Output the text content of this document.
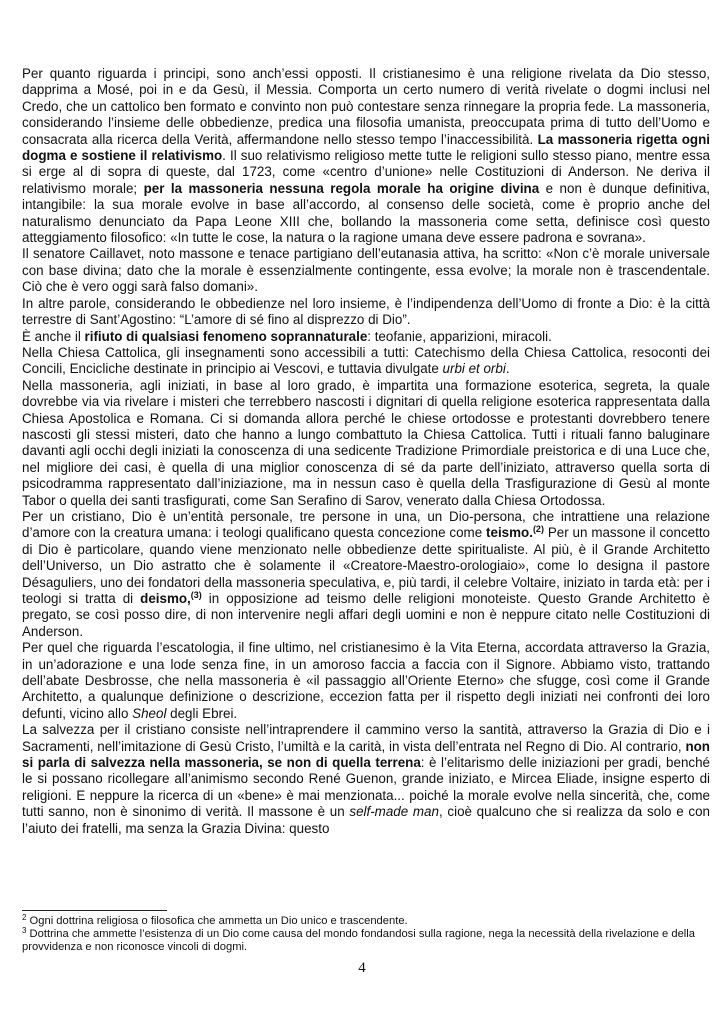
Per quanto riguarda i principi, sono anch’essi opposti. Il cristianesimo è una religione rivelata da Dio stesso, dapprima a Mosé, poi in e da Gesù, il Messia. Comporta un certo numero di verità rivelate o dogmi inclusi nel Credo, che un cattolico ben formato e convinto non può contestare senza rinnegare la propria fede. La massoneria, considerando l’insieme delle obbedienze, predica una filosofia umanista, preoccupata prima di tutto dell’Uomo e consacrata alla ricerca della Verità, affermandone nello stesso tempo l’inaccessibilità. La massoneria rigetta ogni dogma e sostiene il relativismo. Il suo relativismo religioso mette tutte le religioni sullo stesso piano, mentre essa si erge al di sopra di queste, dal 1723, come «centro d’unione» nelle Costituzioni di Anderson. Ne deriva il relativismo morale; per la massoneria nessuna regola morale ha origine divina e non è dunque definitiva, intangibile: la sua morale evolve in base all’accordo, al consenso delle società, come è proprio anche del naturalismo denunciato da Papa Leone XIII che, bollando la massoneria come setta, definisce così questo atteggiamento filosofico: «In tutte le cose, la natura o la ragione umana deve essere padrona e sovrana».

Il senatore Caillavet, noto massone e tenace partigiano dell’eutanasia attiva, ha scritto: «Non c’è morale universale con base divina; dato che la morale è essenzialmente contingente, essa evolve; la morale non è trascendentale. Ciò che è vero oggi sarà falso domani».

In altre parole, considerando le obbedienze nel loro insieme, è l’indipendenza dell’Uomo di fronte a Dio: è la città terrestre di Sant’Agostino: “L’amore di sé fino al disprezzo di Dio”.

È anche il rifiuto di qualsiasi fenomeno soprannaturale: teofanie, apparizioni, miracoli.

Nella Chiesa Cattolica, gli insegnamenti sono accessibili a tutti: Catechismo della Chiesa Cattolica, resoconti dei Concili, Encicliche destinate in principio ai Vescovi, e tuttavia divulgate urbi et orbi.

Nella massoneria, agli iniziati, in base al loro grado, è impartita una formazione esoterica, segreta, la quale dovrebbe via via rivelare i misteri che terrebbero nascosti i dignitari di quella religione esoterica rappresentata dalla Chiesa Apostolica e Romana. Ci si domanda allora perché le chiese ortodosse e protestanti dovrebbero tenere nascosti gli stessi misteri, dato che hanno a lungo combattuto la Chiesa Cattolica. Tutti i rituali fanno baluginare davanti agli occhi degli iniziati la conoscenza di una sedicente Tradizione Primordiale preistorica e di una Luce che, nel migliore dei casi, è quella di una miglior conoscenza di sé da parte dell’iniziato, attraverso quella sorta di psicodramma rappresentato dall’iniziazione, ma in nessun caso è quella della Trasfigurazione di Gesù al monte Tabor o quella dei santi trasfigurati, come San Serafino di Sarov, venerato dalla Chiesa Ortodossa.

Per un cristiano, Dio è un’entità personale, tre persone in una, un Dio-persona, che intrattiene una relazione d’amore con la creatura umana: i teologi qualificano questa concezione come teismo.$^{(2)}$ Per un massone il concetto di Dio è particolare, quando viene menzionato nelle obbedienze dette spiritualiste. Al più, è il Grande Architetto dell’Universo, un Dio astratto che è solamente il «Creatore-Maestro-orologiaio», come lo designa il pastore Désaguliers, uno dei fondatori della massoneria speculativa, e, più tardi, il celebre Voltaire, iniziato in tarda età: per i teologi si tratta di deismo,$^{(3)}$ in opposizione ad teismo delle religioni monoteiste. Questo Grande Architetto è pregato, se così posso dire, di non intervenire negli affari degli uomini e non è neppure citato nelle Costituzioni di Anderson.

Per quel che riguarda l’escatologia, il fine ultimo, nel cristianesimo è la Vita Eterna, accordata attraverso la Grazia, in un’adorazione e una lode senza fine, in un amoroso faccia a faccia con il Signore. Abbiamo visto, trattando dell’abate Desbrosse, che nella massoneria è «il passaggio all’Oriente Eterno» che sfugge, così come il Grande Architetto, a qualunque definizione o descrizione, eccezion fatta per il rispetto degli iniziati nei confronti dei loro defunti, vicino allo Sheol degli Ebrei.

La salvezza per il cristiano consiste nell’intraprendere il cammino verso la santità, attraverso la Grazia di Dio e i Sacramenti, nell’imitazione di Gesù Cristo, l’umiltà e la carità, in vista dell’entrata nel Regno di Dio. Al contrario, non si parla di salvezza nella massoneria, se non di quella terrena: è l’elitarismo delle iniziazioni per gradi, benché le si possano ricollegare all’animismo secondo René Guenon, grande iniziato, e Mircea Eliade, insigne esperto di religioni. E neppure la ricerca di un «bene» è mai menzionata... poiché la morale evolve nella sincerità, che, come tutti sanno, non è sinonimo di verità. Il massone è un self-made man, cioè qualcuno che si realizza da solo e con l’aiuto dei fratelli, ma senza la Grazia Divina: questo

$^2$ Ogni dottrina religiosa o filosofica che ammetta un Dio unico e trascendente.

$^3$ Dottrina che ammette l’esistenza di un Dio come causa del mondo fondandosi sulla ragione, nega la necessità della rivelazione e della provvidenza e non riconosce vincoli di dogmi.

4
